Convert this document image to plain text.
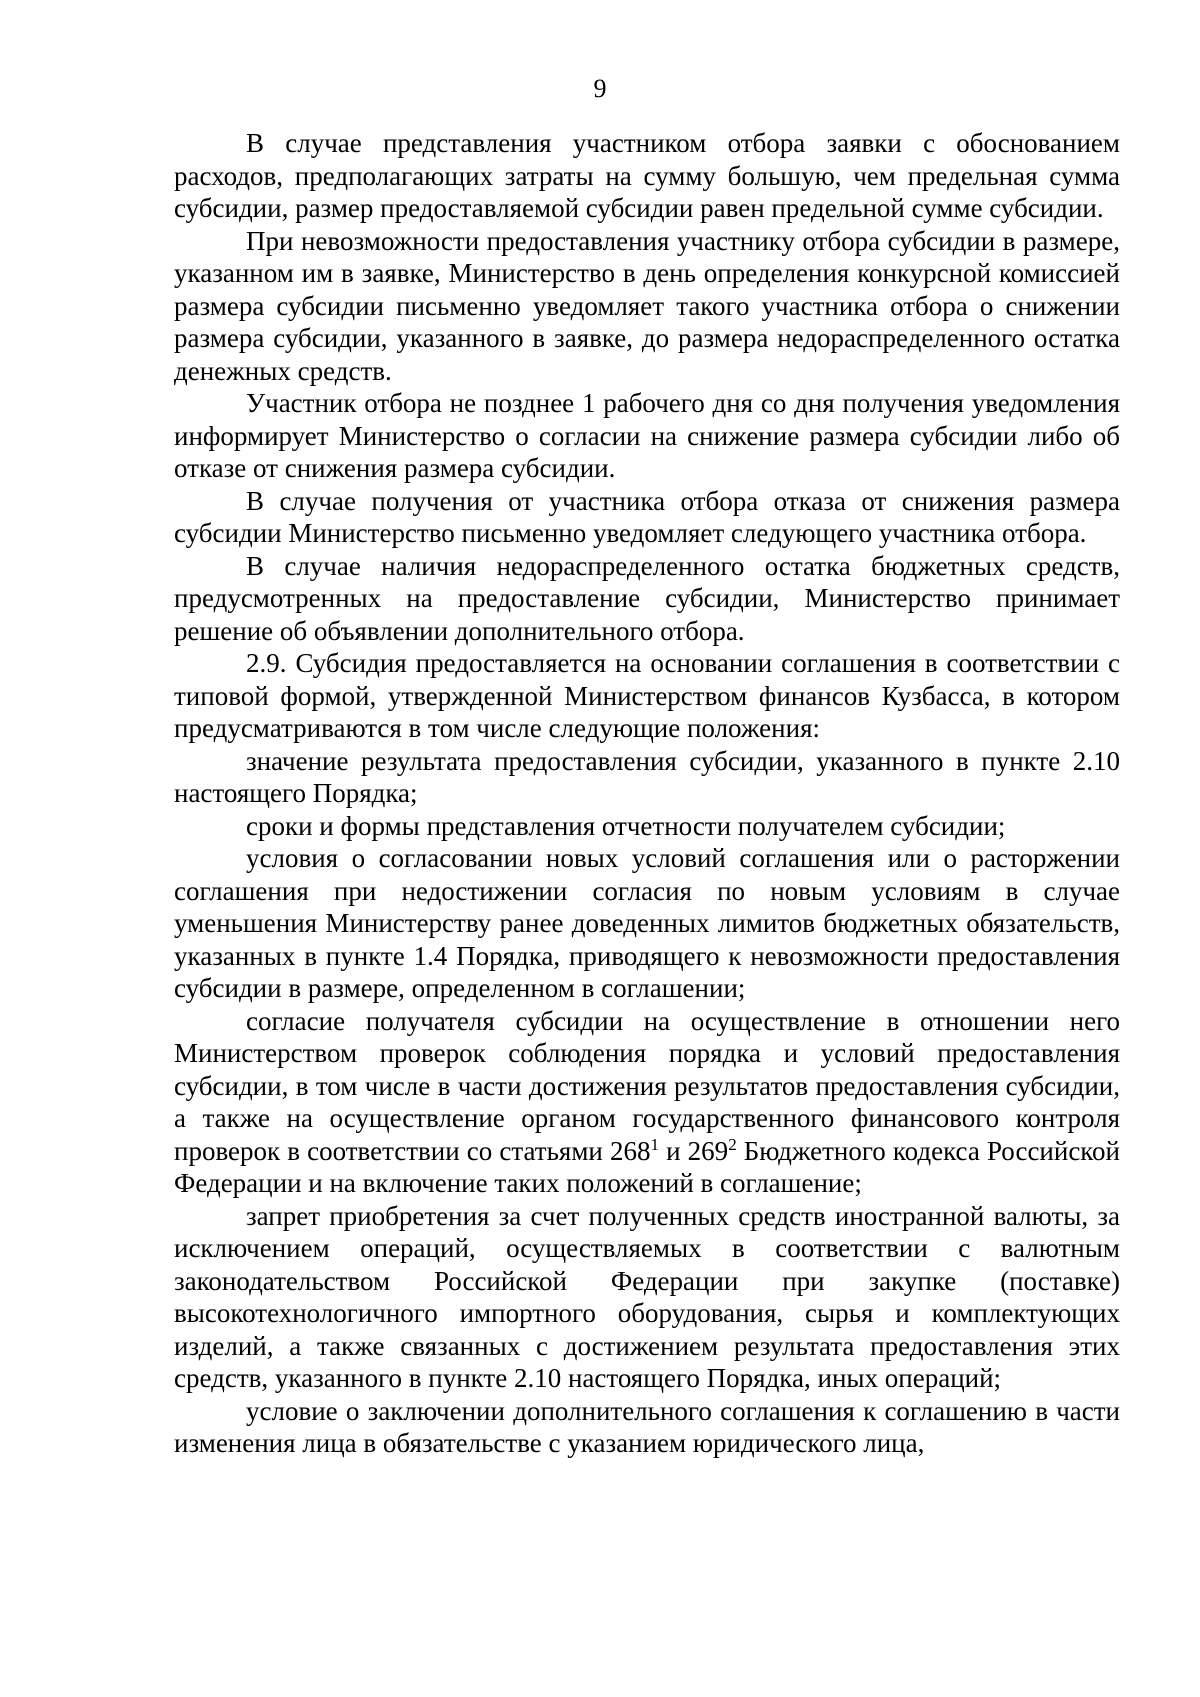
9

В случае представления участником отбора заявки с обоснованием расходов, предполагающих затраты на сумму большую, чем предельная сумма субсидии, размер предоставляемой субсидии равен предельной сумме субсидии.

При невозможности предоставления участнику отбора субсидии в размере, указанном им в заявке, Министерство в день определения конкурсной комиссией размера субсидии письменно уведомляет такого участника отбора о снижении размера субсидии, указанного в заявке, до размера недораспределенного остатка денежных средств.

Участник отбора не позднее 1 рабочего дня со дня получения уведомления информирует Министерство о согласии на снижение размера субсидии либо об отказе от снижения размера субсидии.

В случае получения от участника отбора отказа от снижения размера субсидии Министерство письменно уведомляет следующего участника отбора.

В случае наличия недораспределенного остатка бюджетных средств, предусмотренных на предоставление субсидии, Министерство принимает решение об объявлении дополнительного отбора.

2.9. Субсидия предоставляется на основании соглашения в соответствии с типовой формой, утвержденной Министерством финансов Кузбасса, в котором предусматриваются в том числе следующие положения:

значение результата предоставления субсидии, указанного в пункте 2.10 настоящего Порядка;

сроки и формы представления отчетности получателем субсидии;

условия о согласовании новых условий соглашения или о расторжении соглашения при недостижении согласия по новым условиям в случае уменьшения Министерству ранее доведенных лимитов бюджетных обязательств, указанных в пункте 1.4 Порядка, приводящего к невозможности предоставления субсидии в размере, определенном в соглашении;

согласие получателя субсидии на осуществление в отношении него Министерством проверок соблюдения порядка и условий предоставления субсидии, в том числе в части достижения результатов предоставления субсидии, а также на осуществление органом государственного финансового контроля проверок в соответствии со статьями $268^1$ и $269^2$ Бюджетного кодекса Российской Федерации и на включение таких положений в соглашение;

запрет приобретения за счет полученных средств иностранной валюты, за исключением операций, осуществляемых в соответствии с валютным законодательством Российской Федерации при закупке (поставке) высокотехнологичного импортного оборудования, сырья и комплектующих изделий, а также связанных с достижением результата предоставления этих средств, указанного в пункте 2.10 настоящего Порядка, иных операций;

условие о заключении дополнительного соглашения к соглашению в части изменения лица в обязательстве с указанием юридического лица,
